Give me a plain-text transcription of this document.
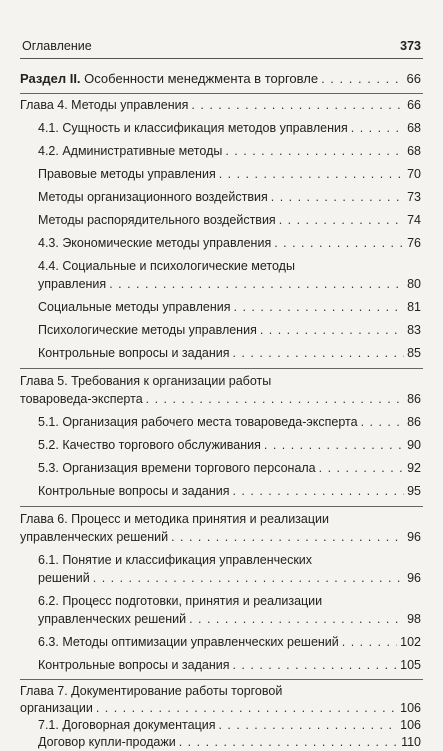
Оглавление	373
Раздел II. Особенности менеджмента в торговле . . .	66
Глава 4. Методы управления . . .	66
4.1. Сущность и классификация методов управления . . .	68
4.2. Административные методы . . .	68
Правовые методы управления . . .	70
Методы организационного воздействия . . .	73
Методы распорядительного воздействия . . .	74
4.3. Экономические методы управления . . .	76
4.4. Социальные и психологические методы
управления . . .	80
Социальные методы управления . . .	81
Психологические методы управления . . .	83
Контрольные вопросы и задания . . .	85
Глава 5. Требования к организации работы
товароведа-эксперта . . .	86
5.1. Организация рабочего места товароведа-эксперта . . .	86
5.2. Качество торгового обслуживания . . .	90
5.3. Организация времени торгового персонала . . .	92
Контрольные вопросы и задания . . .	95
Глава 6. Процесс и методика принятия и реализации
управленческих решений . . .	96
6.1. Понятие и классификация управленческих
решений . . .	96
6.2. Процесс подготовки, принятия и реализации
управленческих решений . . .	98
6.3. Методы оптимизации управленческих решений . . .	102
Контрольные вопросы и задания . . .	105
Глава 7. Документирование работы торговой
организации . . .	106
7.1. Договорная документация . . .	106
Договор купли-продажи . . .	110
